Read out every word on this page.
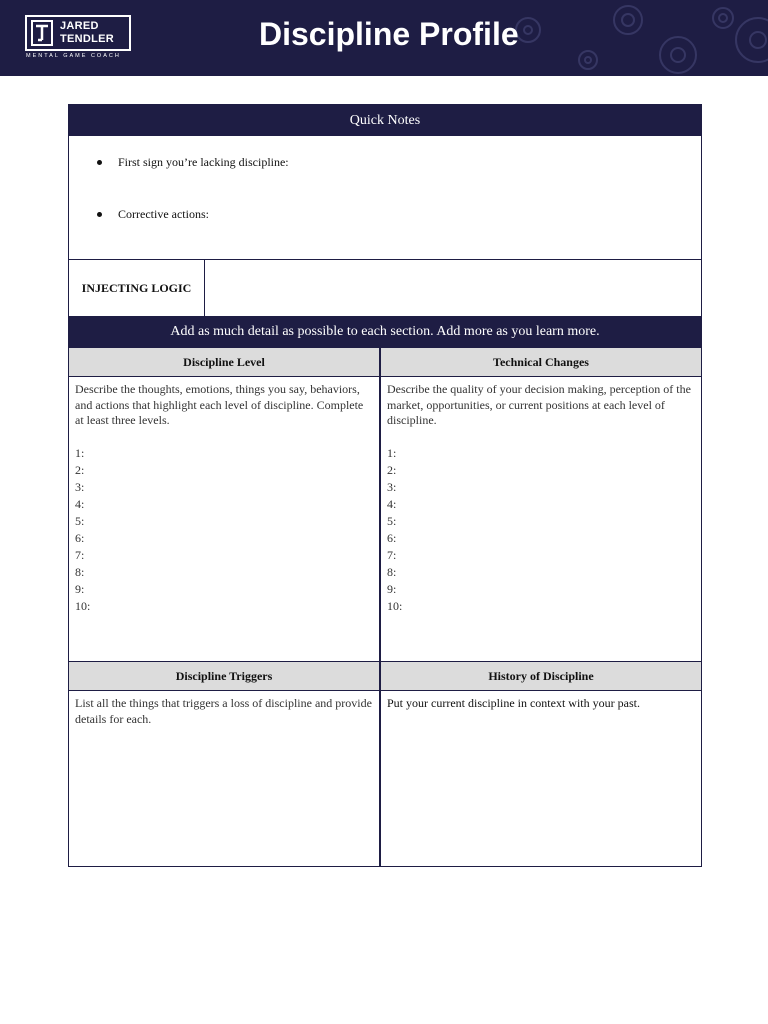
JARED
TENDLER
MENTAL GAME COACH
Discipline Profile
Quick Notes
First sign you’re lacking discipline:
Corrective actions:
INJECTING LOGIC
Add as much detail as possible to each section. Add more as you learn more.
Discipline Level	Technical Changes
Describe the thoughts, emotions, things you say, behaviors, and actions that highlight each level of discipline. Complete at least three levels.
1:
2:
3:
4:
5:
6:
7:
8:
9:
10:
Describe the quality of your decision making, perception of the market, opportunities, or current positions at each level of discipline.
1:
2:
3:
4:
5:
6:
7:
8:
9:
10:
Discipline Triggers	History of Discipline
List all the things that triggers a loss of discipline and provide details for each.
Put your current discipline in context with your past.
